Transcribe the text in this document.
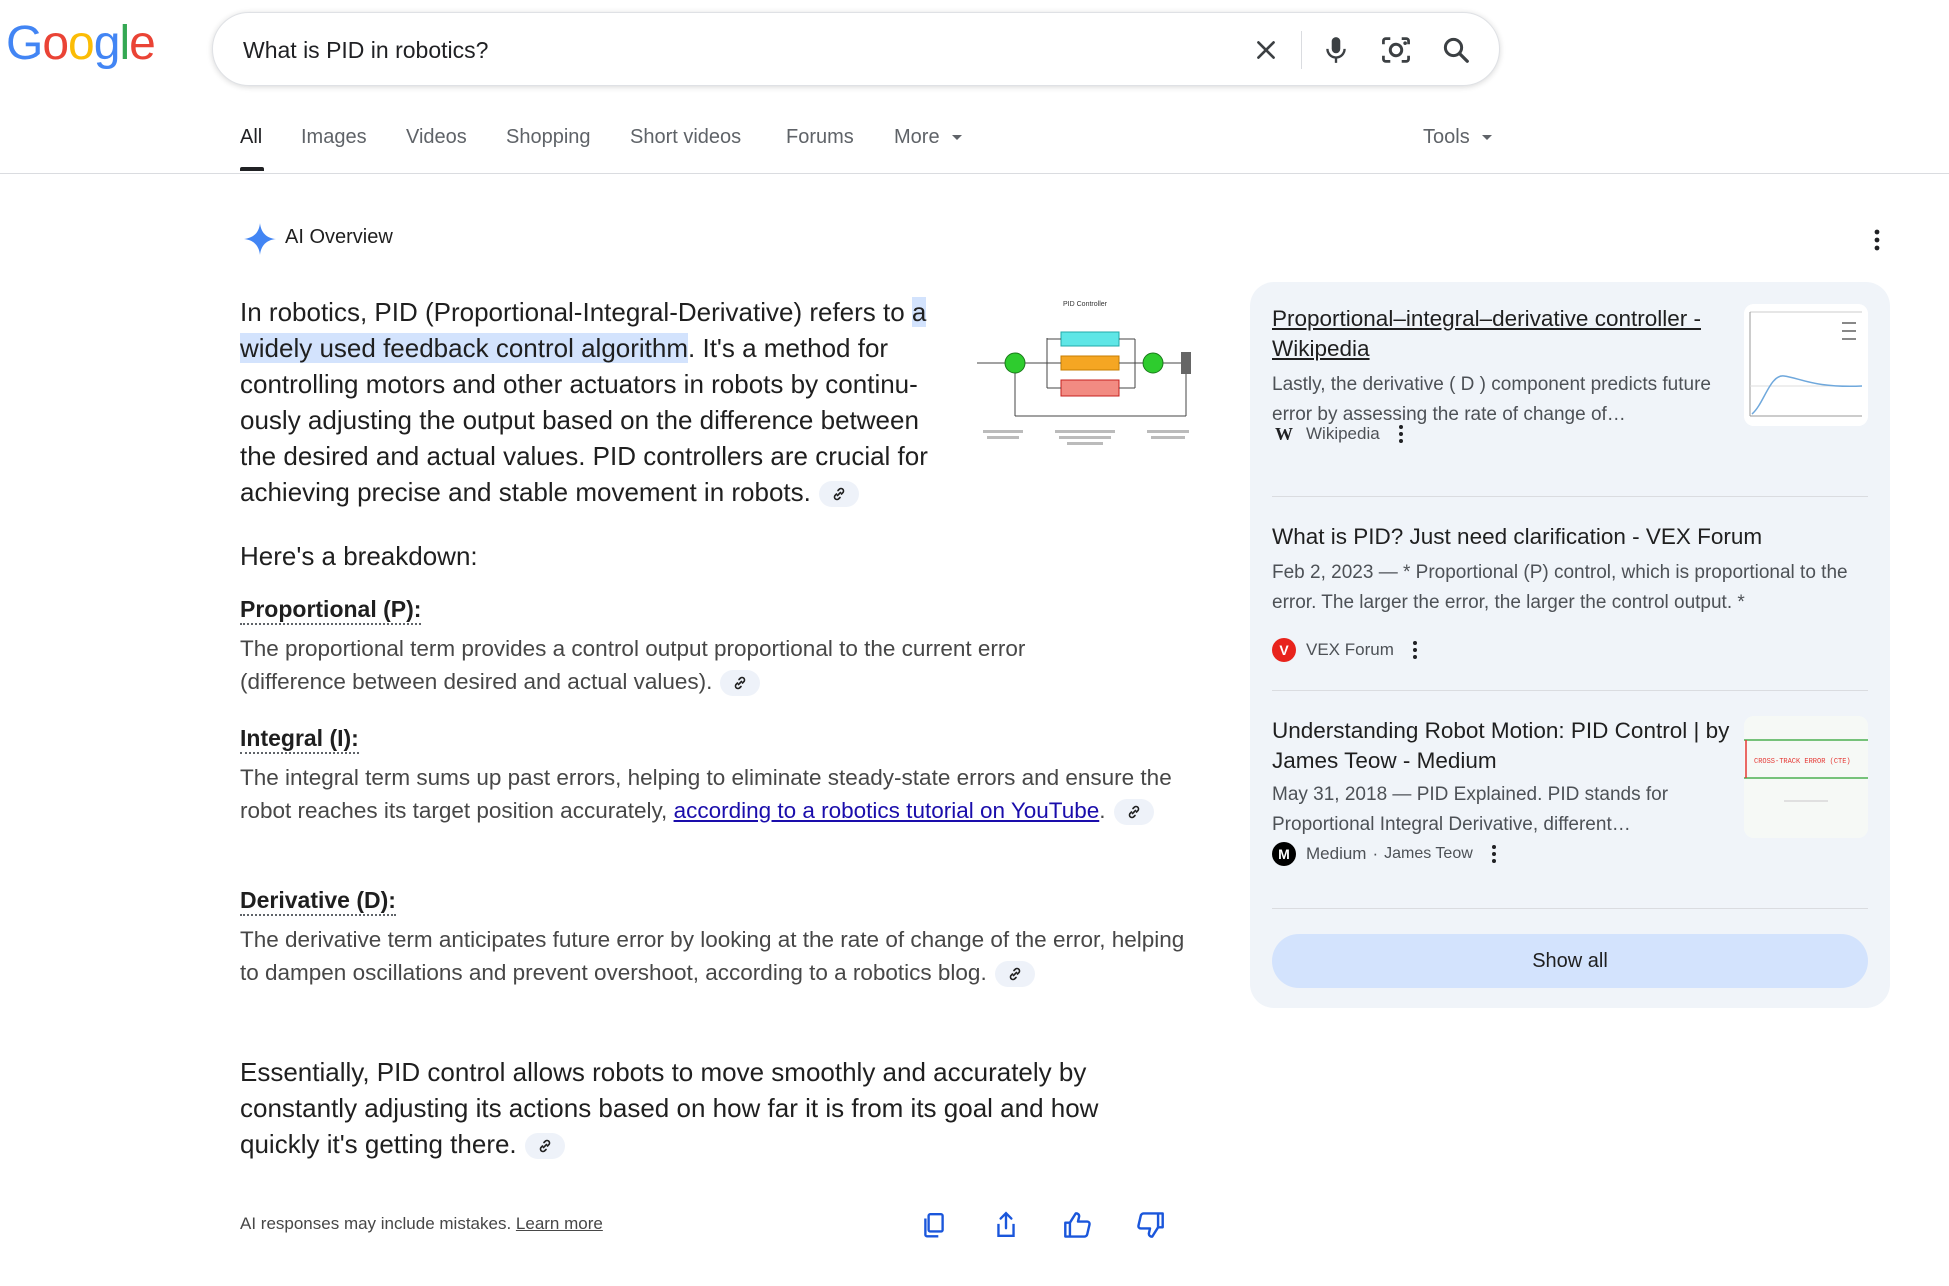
Google	What is PID in robotics?
All Images Videos Shopping Short videos Forums More	Tools
AI Overview
In robotics, PID (Proportional-Integral-Derivative) refers to a widely used feedback control algorithm. It's a method for controlling motors and other actuators in robots by continu-ously adjusting the output based on the difference between the desired and actual values. PID controllers are crucial for achieving precise and stable movement in robots.
PID Controller
Here's a breakdown:
Proportional (P):
The proportional term provides a control output proportional to the current error (difference between desired and actual values).
Integral (I):
The integral term sums up past errors, helping to eliminate steady-state errors and ensure the robot reaches its target position accurately, according to a robotics tutorial on YouTube.
Derivative (D):
The derivative term anticipates future error by looking at the rate of change of the error, helping to dampen oscillations and prevent overshoot, according to a robotics blog.
Essentially, PID control allows robots to move smoothly and accurately by constantly adjusting its actions based on how far it is from its goal and how quickly it's getting there.
AI responses may include mistakes. Learn more
Proportional–integral–derivative controller - Wikipedia
Lastly, the derivative ( D ) component predicts future error by assessing the rate of change of…
W Wikipedia
What is PID? Just need clarification - VEX Forum
Feb 2, 2023 — * Proportional (P) control, which is proportional to the error. The larger the error, the larger the control output. *
V	VEX Forum
Understanding Robot Motion: PID Control | by James Teow - Medium
May 31, 2018 — PID Explained. PID stands for Proportional Integral Derivative, different…
CROSS-TRACK ERROR (CTE)
M Medium · James Teow
Show all
